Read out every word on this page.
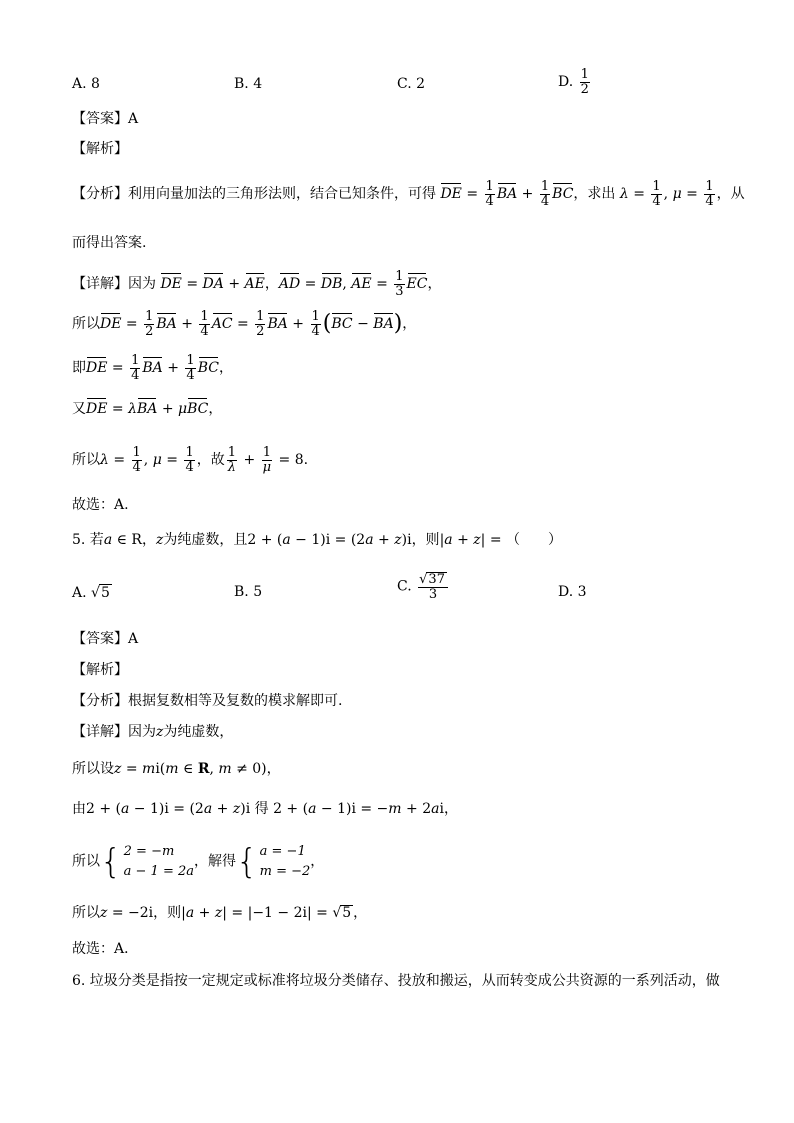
A. 8	B. 4	C. 2	D. $\frac{1}{2}$
【答案】A
【解析】
【分析】利用向量加法的三角形法则，结合已知条件，可得 DE = $\frac{1}{4}$ BA + $\frac{1}{4}$ BC，求出 $\lambda = \frac{1}{4}$ , $\mu = \frac{1}{4}$ ，从
而得出答案.
【详解】因为 DE = DA + AE，AD = DB, AE = $\frac{1}{3}$ EC，
所以DE = $\frac{1}{2}$ BA + $\frac{1}{4}$ AC = $\frac{1}{2}$ BA + $\frac{1}{4} (BC - BA)$，
即DE = $\frac{1}{4}$ BA + $\frac{1}{4}$ BC，
又DE = λBA + μBC，
所以$\lambda = \frac{1}{4}$ , $\mu = \frac{1}{4}$ ，故 $\frac{1}{\lambda} + \frac{1}{\mu} = 8$.
故选：A.
5. 若a ∈ R，z为纯虚数，且2 + (a − 1)i = (2a + z)i，则|a + z| = （　　）
A. √5	B. 5	C. $\frac{√37}{3}$	D. 3
【答案】A
【解析】
【分析】根据复数相等及复数的模求解即可.
【详解】因为z为纯虚数，
所以设z = mi(m ∈ R, m ≠ 0)，
由2 + (a − 1)i = (2a + z)i 得 2 + (a − 1)i = −m + 2ai，
所以{ 2 = −m
a − 1 = 2a
，解得{ a = −1
m = −2
，
所以z = −2i，则|a + z| = |−1 − 2i| = √5 ，
故选：A．
6. 垃圾分类是指按一定规定或标准将垃圾分类储存、投放和搬运，从而转变成公共资源的一系列活动，做
